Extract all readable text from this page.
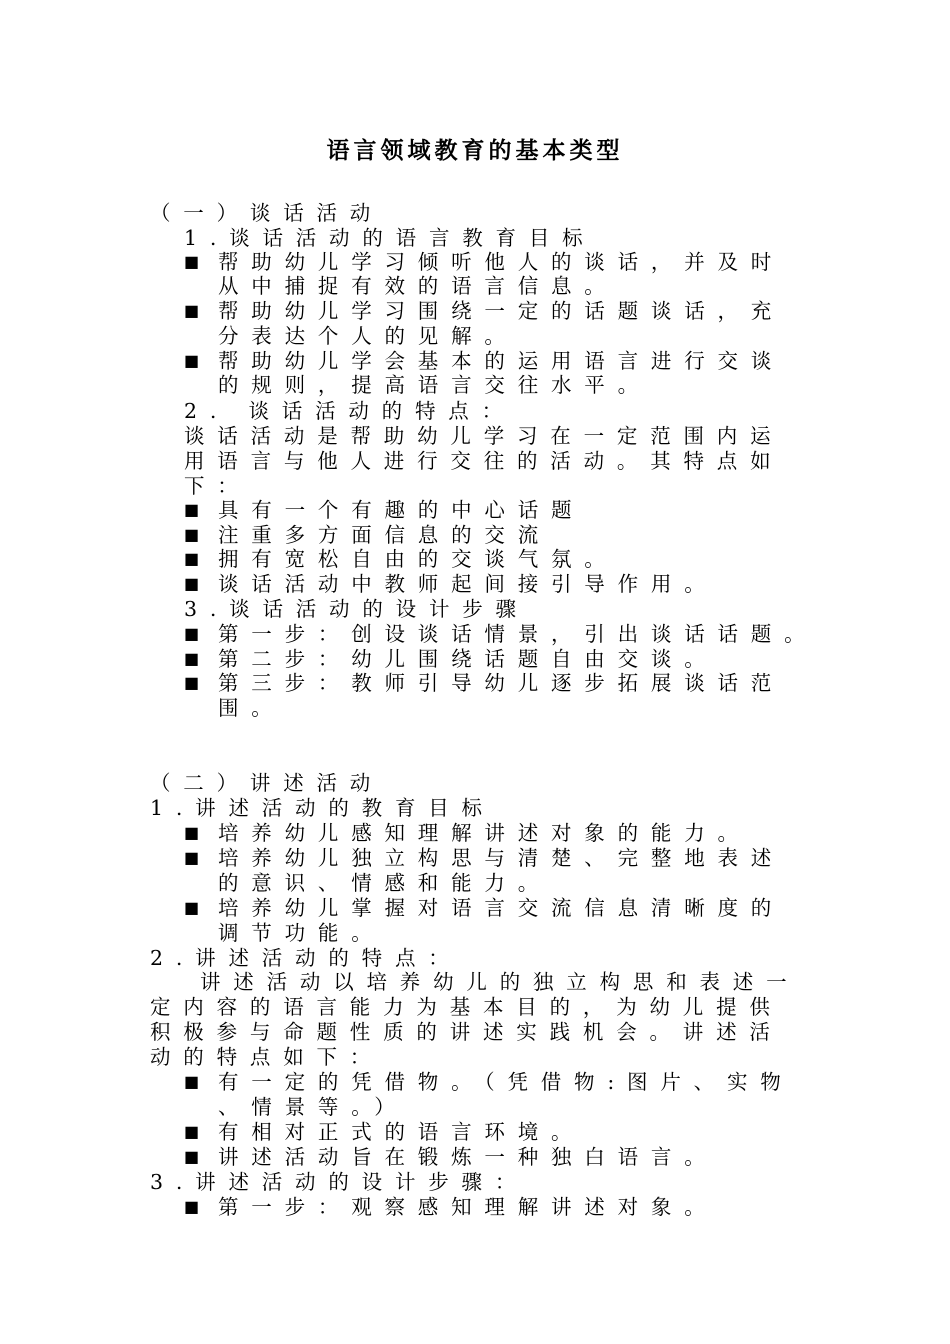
语言领域教育的基本类型
（一）谈话活动
1.谈话活动的语言教育目标
■ 帮助幼儿学习倾听他人的谈话，并及时
从中捕捉有效的语言信息。
■ 帮助幼儿学习围绕一定的话题谈话，充
分表达个人的见解。
■ 帮助幼儿学会基本的运用语言进行交谈
的规则，提高语言交往水平。
2. 谈话活动的特点：
谈话活动是帮助幼儿学习在一定范围内运
用语言与他人进行交往的活动。其特点如
下：
■ 具有一个有趣的中心话题
■ 注重多方面信息的交流
■ 拥有宽松自由的交谈气氛。
■ 谈话活动中教师起间接引导作用。
3.谈话活动的设计步骤
■ 第一步：创设谈话情景，引出谈话话题。
■ 第二步：幼儿围绕话题自由交谈。
■ 第三步：教师引导幼儿逐步拓展谈话范
围。
（二）讲述活动
1.讲述活动的教育目标
■ 培养幼儿感知理解讲述对象的能力。
■ 培养幼儿独立构思与清楚、完整地表述
的意识、情感和能力。
■ 培养幼儿掌握对语言交流信息清晰度的
调节功能。
2.讲述活动的特点：
讲述活动以培养幼儿的独立构思和表述一
定内容的语言能力为基本目的，为幼儿提供
积极参与命题性质的讲述实践机会。讲述活
动的特点如下：
■ 有一定的凭借物。（凭借物:图片、实物
、情景等。）
■ 有相对正式的语言环境。
■ 讲述活动旨在锻炼一种独白语言。
3.讲述活动的设计步骤：
■ 第一步：观察感知理解讲述对象。
